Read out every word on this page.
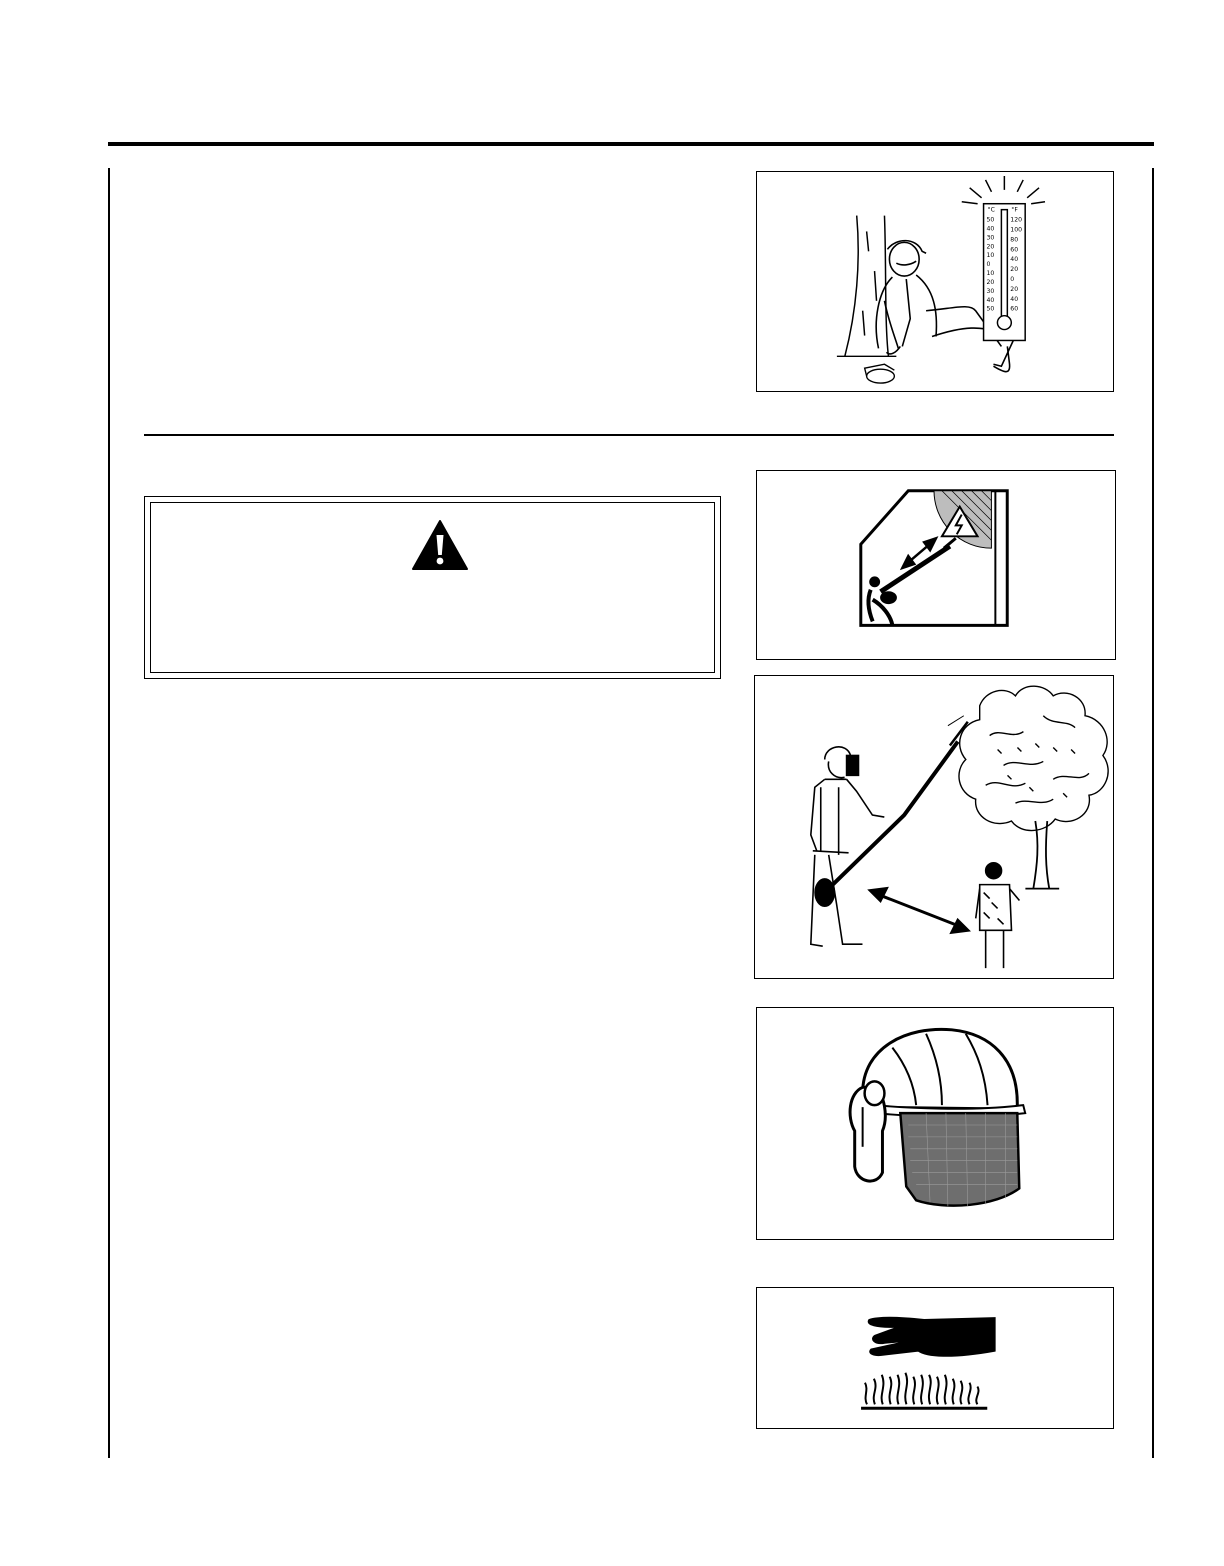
°C	°F
50
40
30
20
10
0
10
20
30
40
50
120
100
80
60
40
20
0
20
40
60
